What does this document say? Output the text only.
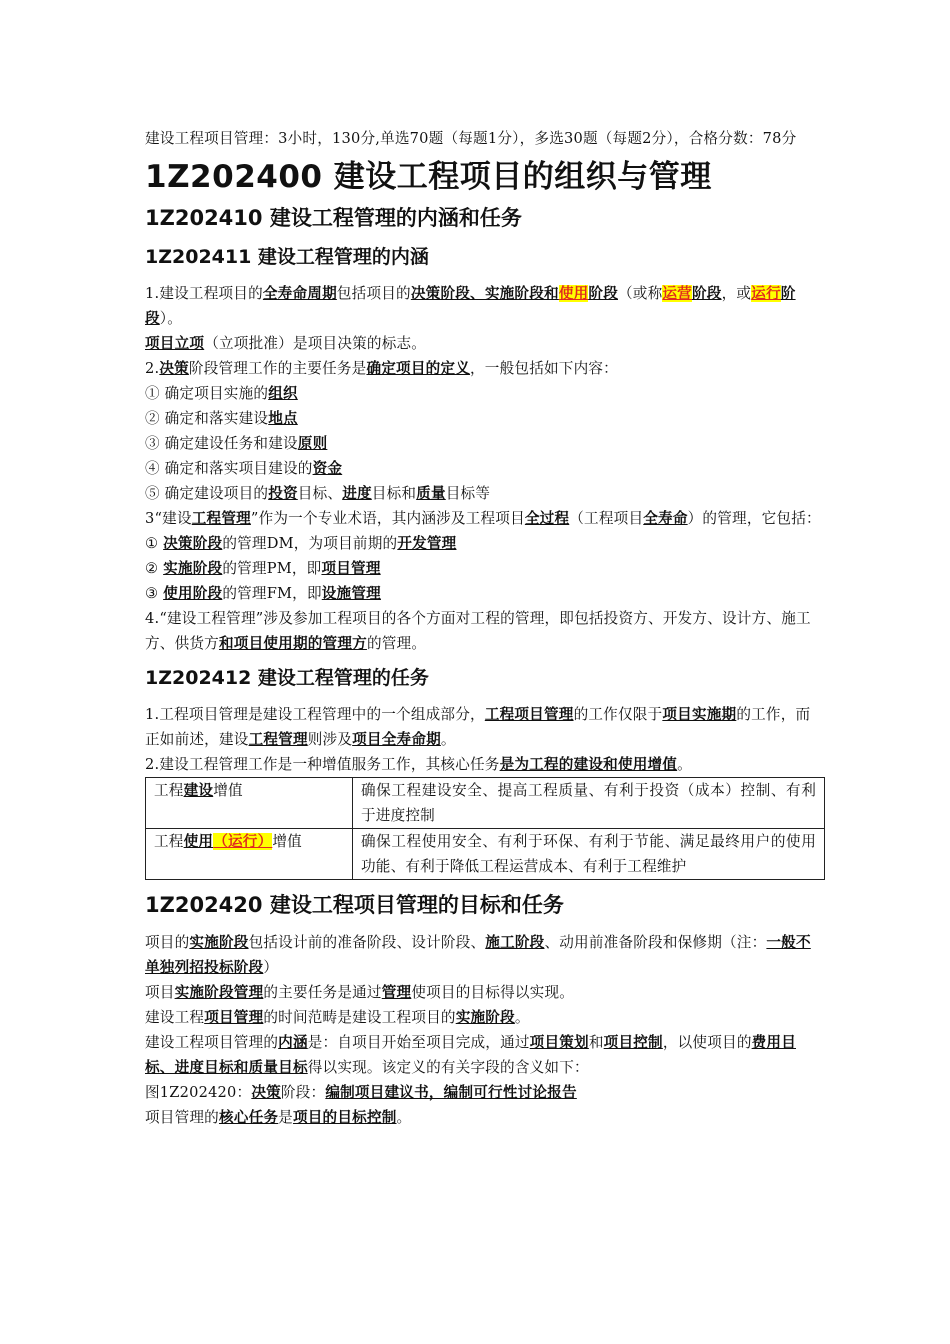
建设工程项目管理：3小时，130分,单选70题（每题1分），多选30题（每题2分），合格分数：78分

1Z202400 建设工程项目的组织与管理
1Z202410 建设工程管理的内涵和任务
1Z202411 建设工程管理的内涵

1.建设工程项目的全寿命周期包括项目的决策阶段、实施阶段和使用阶段（或称运营阶段，或运行阶段）。

项目立项（立项批准）是项目决策的标志。

2.决策阶段管理工作的主要任务是确定项目的定义，一般包括如下内容：

① 确定项目实施的组织

② 确定和落实建设地点

③ 确定建设任务和建设原则

④ 确定和落实项目建设的资金

⑤ 确定建设项目的投资目标、进度目标和质量目标等

3“建设工程管理”作为一个专业术语，其内涵涉及工程项目全过程（工程项目全寿命）的管理，它包括：

① 决策阶段的管理DM，为项目前期的开发管理

② 实施阶段的管理PM，即项目管理

③ 使用阶段的管理FM，即设施管理

4.“建设工程管理”涉及参加工程项目的各个方面对工程的管理，即包括投资方、开发方、设计方、施工方、供货方和项目使用期的管理方的管理。

1Z202412 建设工程管理的任务

1.工程项目管理是建设工程管理中的一个组成部分，工程项目管理的工作仅限于项目实施期的工作，而正如前述，建设工程管理则涉及项目全寿命期。

2.建设工程管理工作是一种增值服务工作，其核心任务是为工程的建设和使用增值。

工程建设增值	确保工程建设安全、提高工程质量、有利于投资（成本）控制、有利于进度控制
工程使用（运行）增值	确保工程使用安全、有利于环保、有利于节能、满足最终用户的使用功能、有利于降低工程运营成本、有利于工程维护
1Z202420 建设工程项目管理的目标和任务

项目的实施阶段包括设计前的准备阶段、设计阶段、施工阶段、动用前准备阶段和保修期（注：一般不单独列招投标阶段）

项目实施阶段管理的主要任务是通过管理使项目的目标得以实现。

建设工程项目管理的时间范畴是建设工程项目的实施阶段。

建设工程项目管理的内涵是：自项目开始至项目完成，通过项目策划和项目控制，以使项目的费用目标、进度目标和质量目标得以实现。该定义的有关字段的含义如下：

图1Z202420：决策阶段：编制项目建议书，编制可行性讨论报告

项目管理的核心任务是项目的目标控制。
